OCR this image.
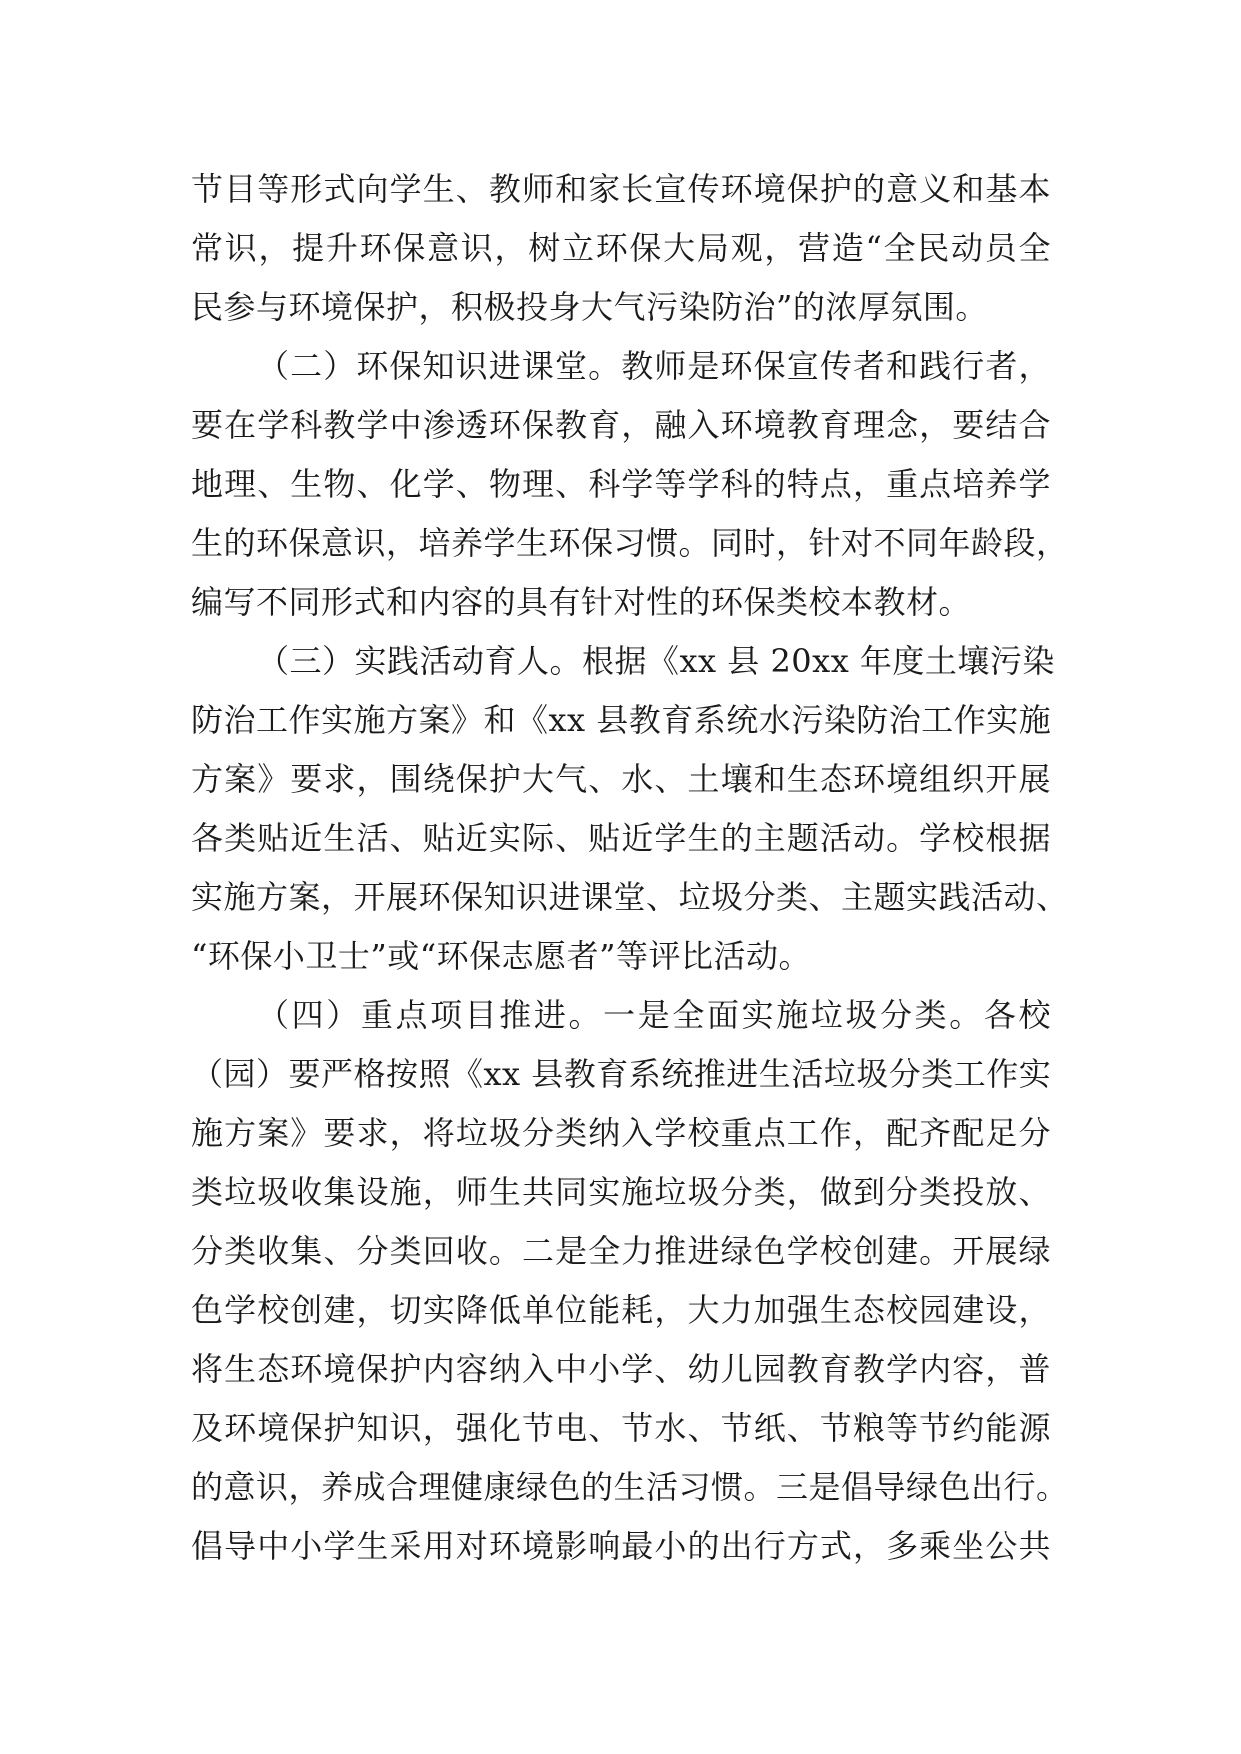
节目等形式向学生、教师和家长宣传环境保护的意义和基本
常识，提升环保意识，树立环保大局观，营造“全民动员全
民参与环境保护，积极投身大气污染防治”的浓厚氛围。
（二）环保知识进课堂。教师是环保宣传者和践行者，
要在学科教学中渗透环保教育，融入环境教育理念，要结合
地理、生物、化学、物理、科学等学科的特点，重点培养学
生的环保意识，培养学生环保习惯。同时，针对不同年龄段，
编写不同形式和内容的具有针对性的环保类校本教材。
（三）实践活动育人。根据《xx 县 20xx 年度土壤污染
防治工作实施方案》和《xx 县教育系统水污染防治工作实施
方案》要求，围绕保护大气、水、土壤和生态环境组织开展
各类贴近生活、贴近实际、贴近学生的主题活动。学校根据
实施方案，开展环保知识进课堂、垃圾分类、主题实践活动、
“环保小卫士”或“环保志愿者”等评比活动。
（四）重点项目推进。一是全面实施垃圾分类。各校
（园）要严格按照《xx 县教育系统推进生活垃圾分类工作实
施方案》要求，将垃圾分类纳入学校重点工作，配齐配足分
类垃圾收集设施，师生共同实施垃圾分类，做到分类投放、
分类收集、分类回收。二是全力推进绿色学校创建。开展绿
色学校创建，切实降低单位能耗，大力加强生态校园建设，
将生态环境保护内容纳入中小学、幼儿园教育教学内容，普
及环境保护知识，强化节电、节水、节纸、节粮等节约能源
的意识，养成合理健康绿色的生活习惯。三是倡导绿色出行。
倡导中小学生采用对环境影响最小的出行方式，多乘坐公共
